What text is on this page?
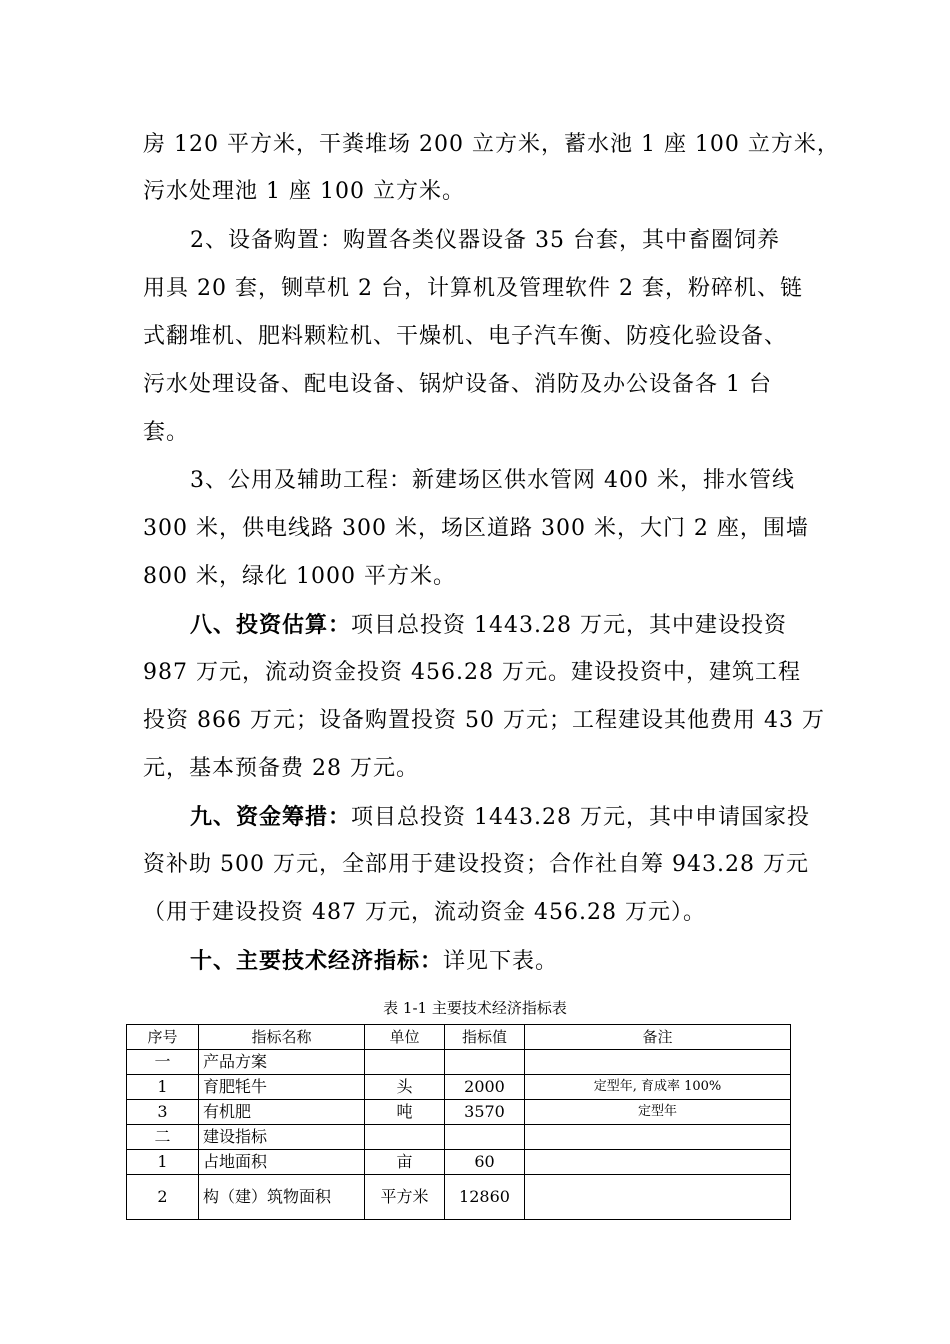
房 120 平方米，干粪堆场 200 立方米，蓄水池 1 座 100 立方米，
污水处理池 1 座 100 立方米。
2、设备购置：购置各类仪器设备 35 台套，其中畜圈饲养
用具 20 套，铡草机 2 台，计算机及管理软件 2 套，粉碎机、链
式翻堆机、肥料颗粒机、干燥机、电子汽车衡、防疫化验设备、
污水处理设备、配电设备、锅炉设备、消防及办公设备各 1 台
套。
3、公用及辅助工程：新建场区供水管网 400 米，排水管线
300 米，供电线路 300 米，场区道路 300 米，大门 2 座，围墙
800 米，绿化 1000 平方米。
八、投资估算：项目总投资 1443.28 万元，其中建设投资
987 万元，流动资金投资 456.28 万元。建设投资中，建筑工程
投资 866 万元；设备购置投资 50 万元；工程建设其他费用 43 万
元，基本预备费 28 万元。
九、资金筹措：项目总投资 1443.28 万元，其中申请国家投
资补助 500 万元，全部用于建设投资；合作社自筹 943.28 万元
（用于建设投资 487 万元，流动资金 456.28 万元）。
十、主要技术经济指标：详见下表。
表 1-1 主要技术经济指标表
序号	指标名称	单位	指标值	备注
一	产品方案			
1	育肥牦牛	头	2000	定型年, 育成率 100%
3	有机肥	吨	3570	定型年
二	建设指标			
1	占地面积	亩	60	
2	构（建）筑物面积	平方米	12860	
